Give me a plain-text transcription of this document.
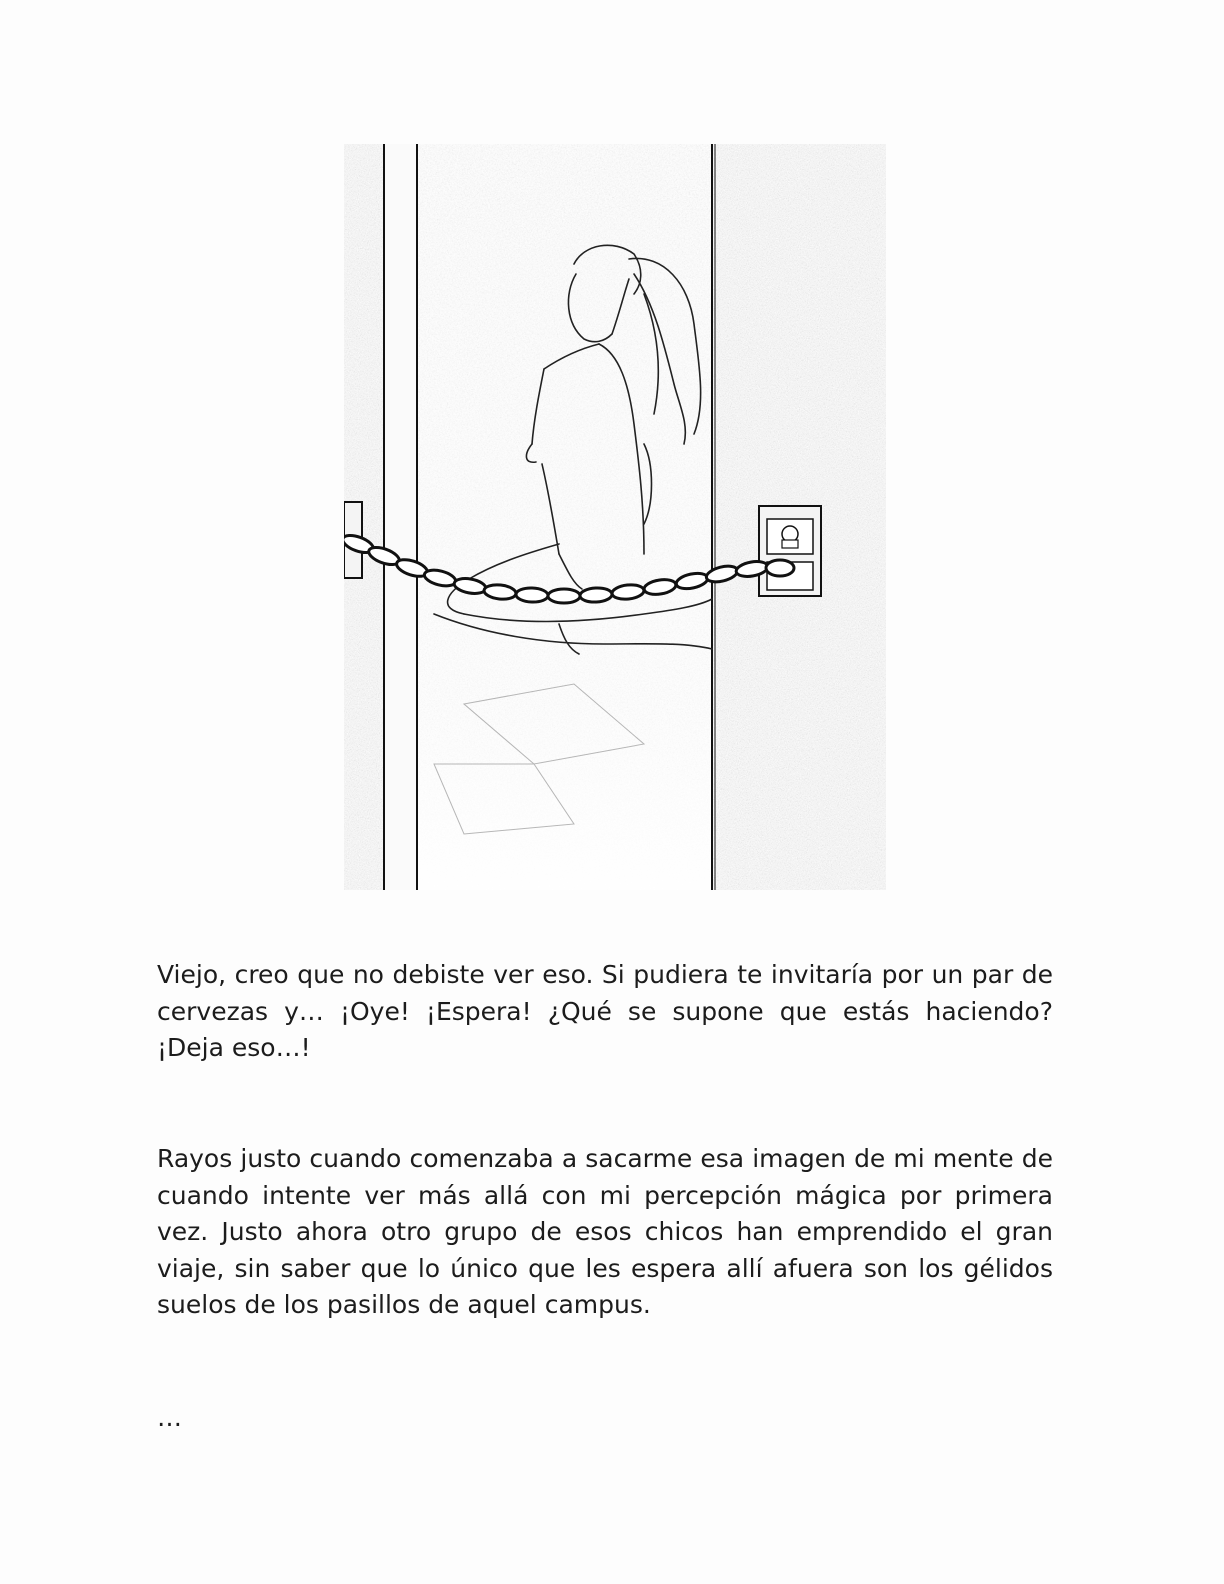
Viejo, creo que no debiste ver eso. Si pudiera te invitaría por un par de cervezas y… ¡Oye! ¡Espera! ¿Qué se supone que estás haciendo? ¡Deja eso…!

Rayos justo cuando comenzaba a sacarme esa imagen de mi mente de cuando intente ver más allá con mi percepción mágica por primera vez. Justo ahora otro grupo de esos chicos han emprendido el gran viaje, sin saber que lo único que les espera allí afuera son los gélidos suelos de los pasillos de aquel campus.

…
